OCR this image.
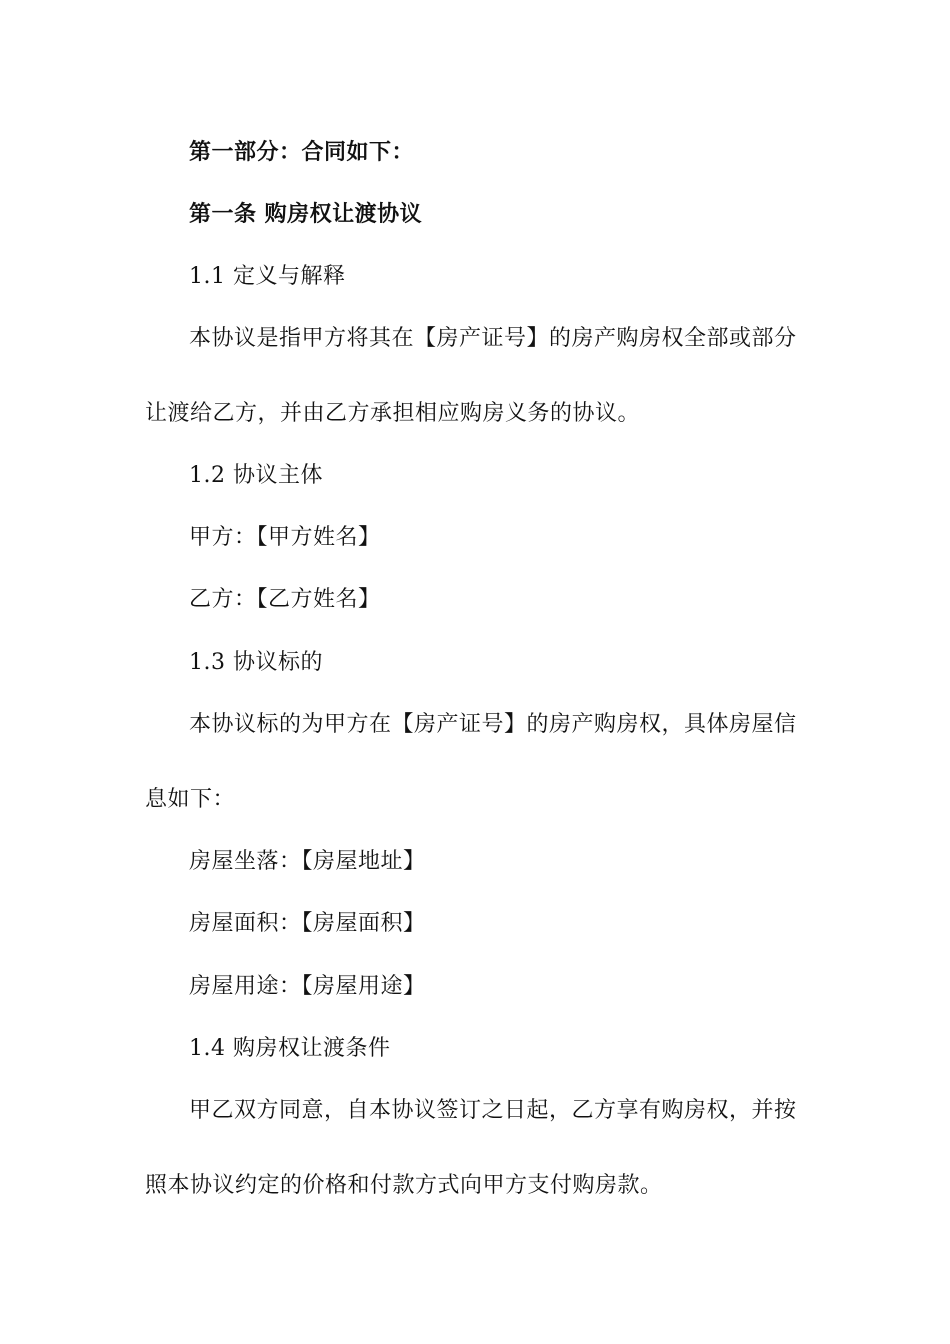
第一部分：合同如下：
第一条 购房权让渡协议
1.1 定义与解释
本协议是指甲方将其在【房产证号】的房产购房权全部或部分
让渡给乙方，并由乙方承担相应购房义务的协议。
1.2 协议主体
甲方：【甲方姓名】
乙方：【乙方姓名】
1.3 协议标的
本协议标的为甲方在【房产证号】的房产购房权，具体房屋信
息如下：
房屋坐落：【房屋地址】
房屋面积：【房屋面积】
房屋用途：【房屋用途】
1.4 购房权让渡条件
甲乙双方同意，自本协议签订之日起，乙方享有购房权，并按
照本协议约定的价格和付款方式向甲方支付购房款。
